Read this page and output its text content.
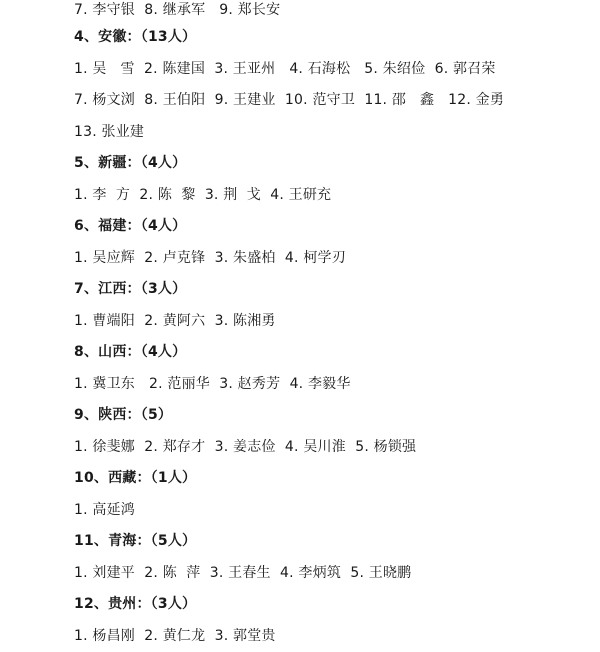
7. 李守银  8. 继承军   9. 郑长安
4、安徽：（13人）
1. 吴   雪  2. 陈建国  3. 王亚州   4. 石海松   5. 朱绍俭  6. 郭召荣
7. 杨文浏  8. 王伯阳  9. 王建业  10. 范守卫  11. 邵   鑫   12. 金勇
13. 张业建
5、新疆：（4人）
1. 李  方  2. 陈  黎  3. 荆  戈  4. 王研充
6、福建：（4人）
1. 吴应辉  2. 卢克锋  3. 朱盛柏  4. 柯学刃
7、江西：（3人）
1. 曹端阳  2. 黄阿六  3. 陈湘勇
8、山西：（4人）
1. 冀卫东   2. 范丽华  3. 赵秀芳  4. 李毅华
9、陕西：（5）
1. 徐斐娜  2. 郑存才  3. 姜志俭  4. 吴川淮  5. 杨锁强
10、西藏：（1人）
1. 高延鸿
11、青海：（5人）
1. 刘建平  2. 陈  萍  3. 王春生  4. 李炳筑  5. 王晓鹏
12、贵州：（3人）
1. 杨昌刚  2. 黄仁龙  3. 郭堂贵
